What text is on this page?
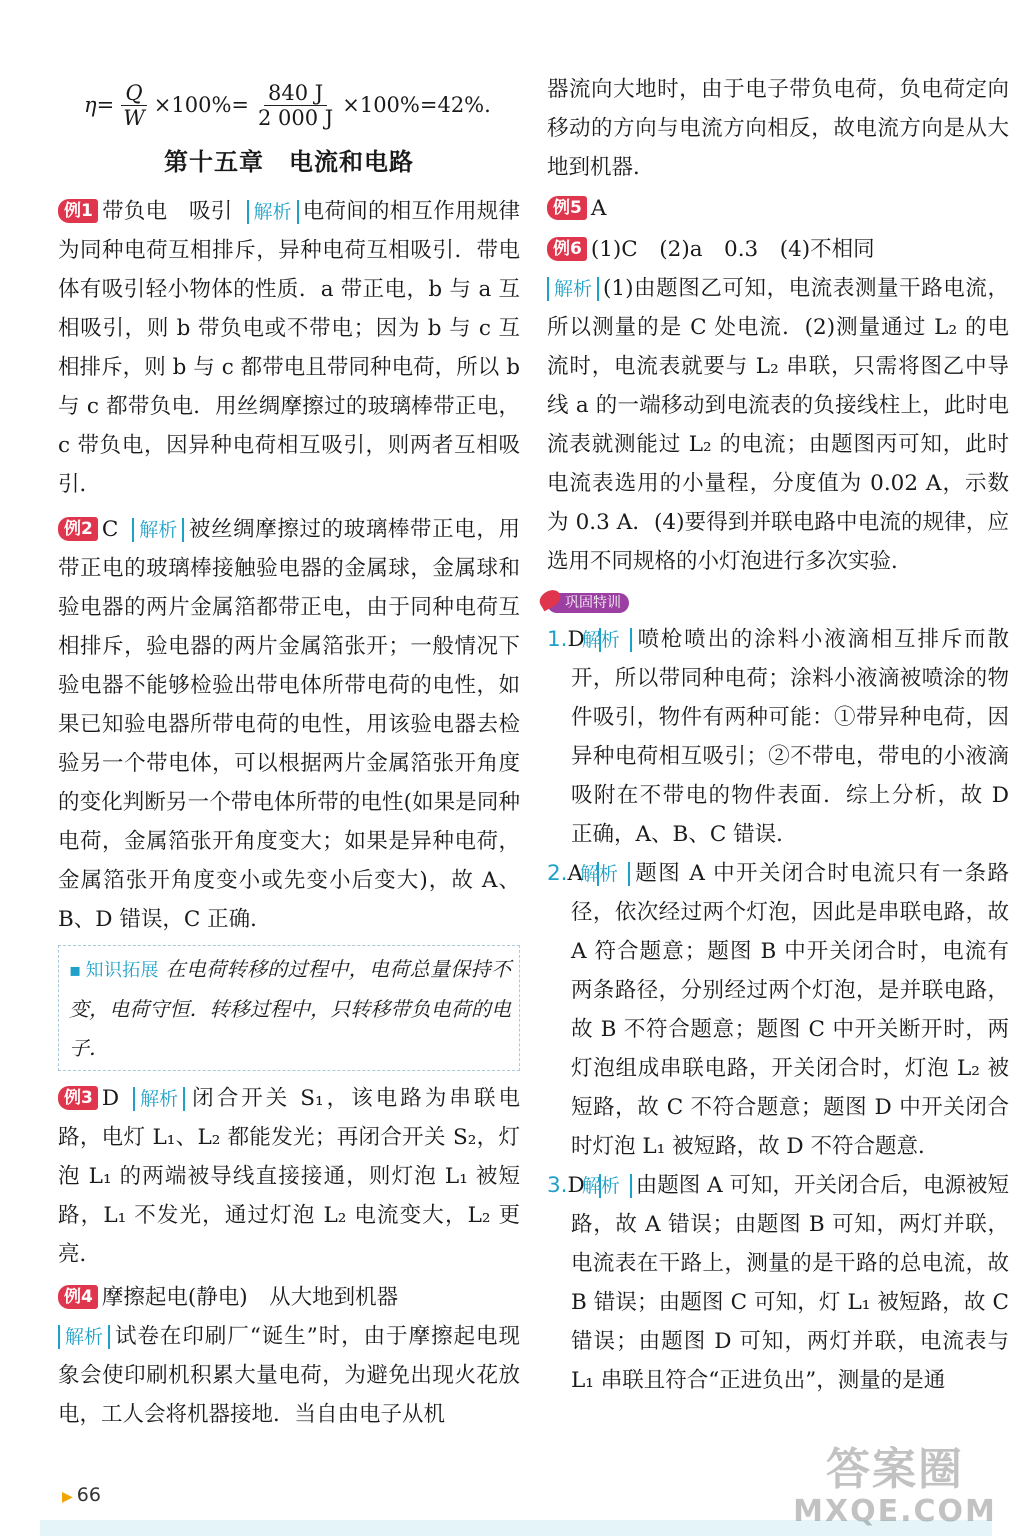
$\eta= \frac{Q}{W} \times 100\%= \frac{840 J}{2 000 J} \times 100\%=42\%$.
第十五章　电流和电路

例1 带负电　吸引 解析 电荷间的相互作用规律为同种电荷互相排斥，异种电荷互相吸引．带电体有吸引轻小物体的性质．a 带正电，b 与 a 互相吸引，则 b 带负电或不带电；因为 b 与 c 互相排斥，则 b 与 c 都带电且带同种电荷，所以 b 与 c 都带负电．用丝绸摩擦过的玻璃棒带正电，c 带负电，因异种电荷相互吸引，则两者互相吸引．

例2 C 解析 被丝绸摩擦过的玻璃棒带正电，用带正电的玻璃棒接触验电器的金属球，金属球和验电器的两片金属箔都带正电，由于同种电荷互相排斥，验电器的两片金属箔张开；一般情况下验电器不能够检验出带电体所带电荷的电性，如果已知验电器所带电荷的电性，用该验电器去检验另一个带电体，可以根据两片金属箔张开角度的变化判断另一个带电体所带的电性(如果是同种电荷，金属箔张开角度变大；如果是异种电荷，金属箔张开角度变小或先变小后变大)，故 A、B、D 错误，C 正确．

▪ 知识拓展 在电荷转移的过程中，电荷总量保持不变，电荷守恒．转移过程中，只转移带负电荷的电子．

例3 D 解析 闭合开关 S₁，该电路为串联电路，电灯 L₁、L₂ 都能发光；再闭合开关 S₂，灯泡 L₁ 的两端被导线直接接通，则灯泡 L₁ 被短路，L₁ 不发光，通过灯泡 L₂ 电流变大，L₂ 更亮．

例4 摩擦起电(静电)　从大地到机器

解析 试卷在印刷厂“诞生”时，由于摩擦起电现象会使印刷机积累大量电荷，为避免出现火花放电，工人会将机器接地．当自由电子从机

器流向大地时，由于电子带负电荷，负电荷定向移动的方向与电流方向相反，故电流方向是从大地到机器．

例5 A

例6 (1)C　(2)a　0.3　(4)不相同

解析 (1)由题图乙可知，电流表测量干路电流，所以测量的是 C 处电流．(2)测量通过 L₂ 的电流时，电流表就要与 L₂ 串联，只需将图乙中导线 a 的一端移动到电流表的负接线柱上，此时电流表就测能过 L₂ 的电流；由题图丙可知，此时电流表选用的小量程，分度值为 0.02 A，示数为 0.3 A．(4)要得到并联电路中电流的规律，应选用不同规格的小灯泡进行多次实验．

巩固特训

1.D解析 喷枪喷出的涂料小液滴相互排斥而散开，所以带同种电荷；涂料小液滴被喷涂的物件吸引，物件有两种可能：①带异种电荷，因异种电荷相互吸引；②不带电，带电的小液滴吸附在不带电的物件表面．综上分析，故 D 正确，A、B、C 错误．

2.A解析 题图 A 中开关闭合时电流只有一条路径，依次经过两个灯泡，因此是串联电路，故 A 符合题意；题图 B 中开关闭合时，电流有两条路径，分别经过两个灯泡，是并联电路，故 B 不符合题意；题图 C 中开关断开时，两灯泡组成串联电路，开关闭合时，灯泡 L₂ 被短路，故 C 不符合题意；题图 D 中开关闭合时灯泡 L₁ 被短路，故 D 不符合题意．

3.D解析 由题图 A 可知，开关闭合后，电源被短路，故 A 错误；由题图 B 可知，两灯并联，电流表在干路上，测量的是干路的总电流，故 B 错误；由题图 C 可知，灯 L₁ 被短路，故 C 错误；由题图 D 可知，两灯并联，电流表与 L₁ 串联且符合“正进负出”，测量的是通

▶ 66	答案圈
MXQE.COM
